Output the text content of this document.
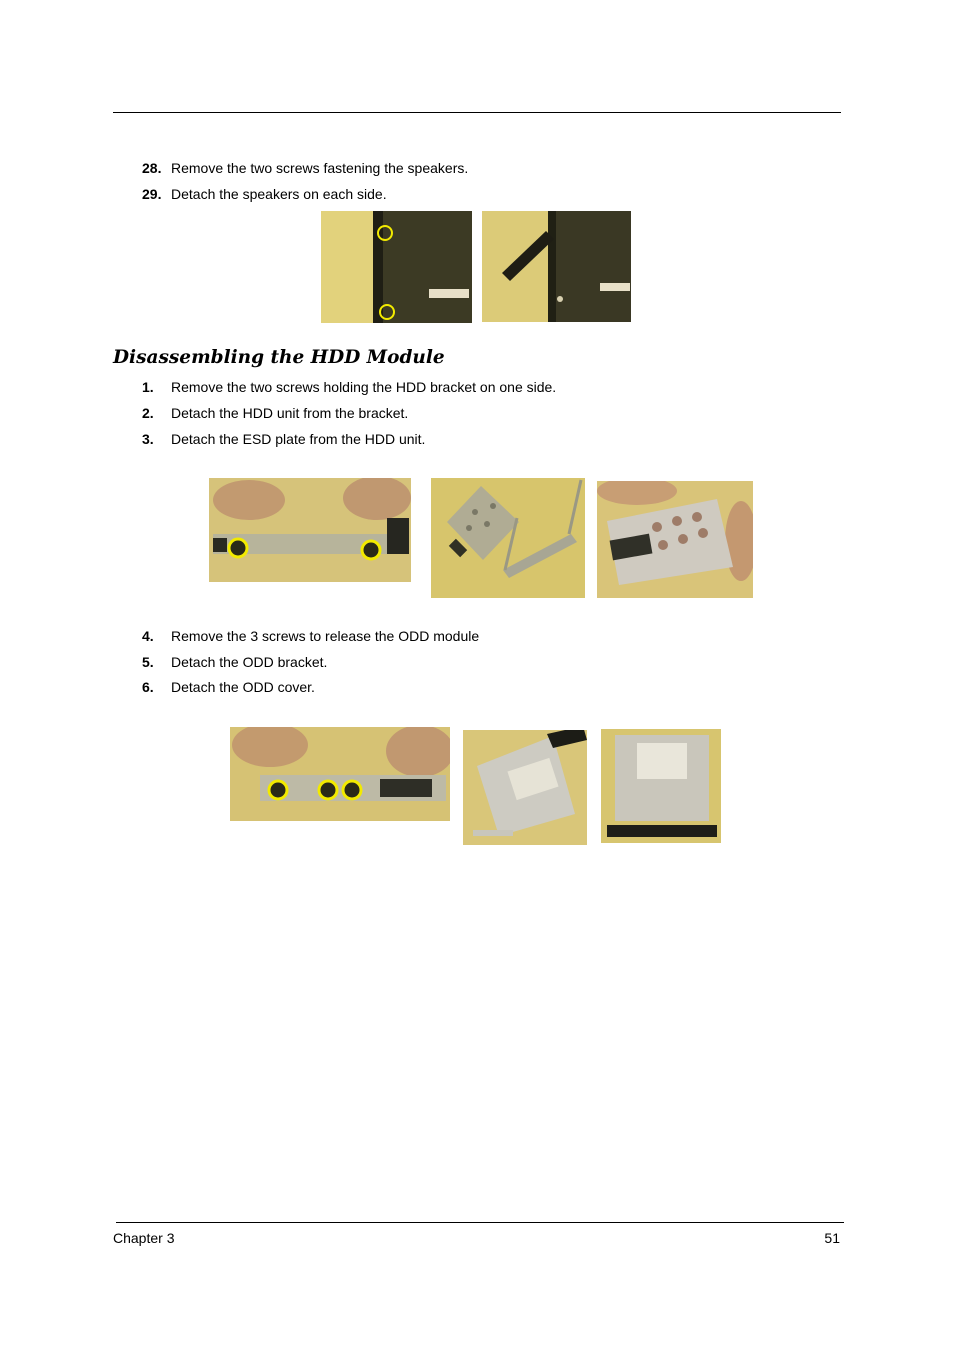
28. Remove the two screws fastening the speakers.
29. Detach the speakers on each side.
Disassembling the HDD Module
1. Remove the two screws holding the HDD bracket on one side.
2. Detach the HDD unit from the bracket.
3. Detach the ESD plate from the HDD unit.
4. Remove the 3 screws to release the ODD module
5. Detach the ODD bracket.
6. Detach the ODD cover.
Chapter 3	51
